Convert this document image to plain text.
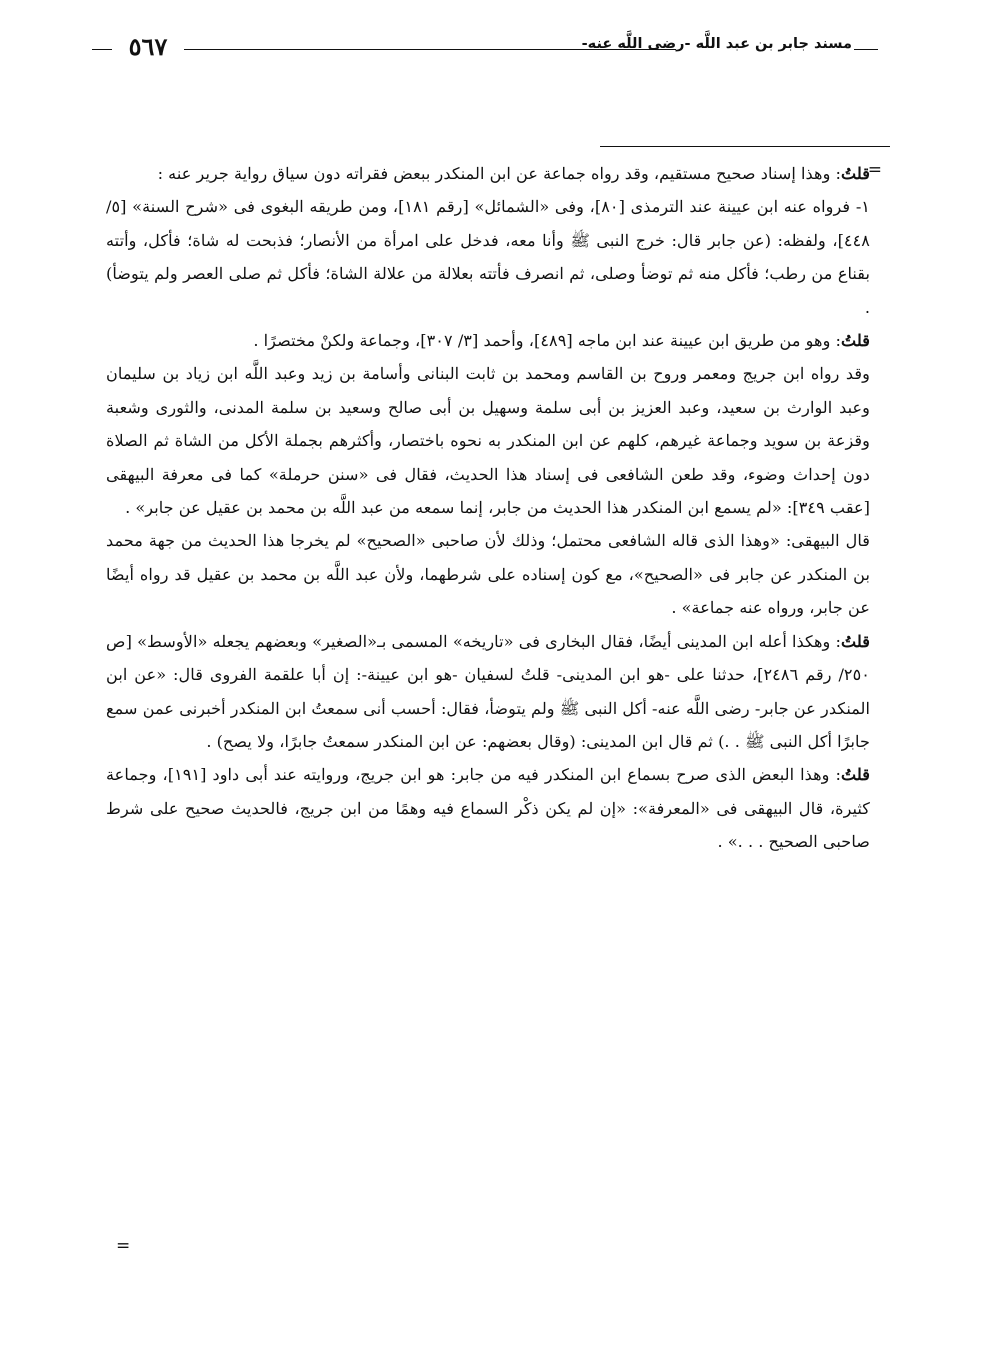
٥٦٧	مسند جابر بن عبد اللَّه -رضى اللَّه عنه-
=

قلتُ: وهذا إسناد صحيح مستقيم، وقد رواه جماعة عن ابن المنكدر ببعض فقراته دون سياق رواية جرير عنه :

١- فرواه عنه ابن عيينة عند الترمذى [٨٠]، وفى «الشمائل» [رقم ١٨١]، ومن طريقه البغوى فى «شرح السنة» [٥/ ٤٤٨]، ولفظه: (عن جابر قال: خرج النبى ﷺ وأنا معه، فدخل على امرأة من الأنصار؛ فذبحت له شاة؛ فأكل، وأتته بقناع من رطب؛ فأكل منه ثم توضأ وصلى، ثم انصرف فأتته بعلالة من علالة الشاة؛ فأكل ثم صلى العصر ولم يتوضأ) .

قلتُ: وهو من طريق ابن عيينة عند ابن ماجه [٤٨٩]، وأحمد [٣/ ٣٠٧]، وجماعة ولكنْ مختصرًا .

وقد رواه ابن جريج ومعمر وروح بن القاسم ومحمد بن ثابت البنانى وأسامة بن زيد وعبد اللَّه ابن زياد بن سليمان وعبد الوارث بن سعيد، وعبد العزيز بن أبى سلمة وسهيل بن أبى صالح وسعيد بن سلمة المدنى، والثورى وشعبة وقزعة بن سويد وجماعة غيرهم، كلهم عن ابن المنكدر به نحوه باختصار، وأكثرهم بجملة الأكل من الشاة ثم الصلاة دون إحداث وضوء، وقد طعن الشافعى فى إسناد هذا الحديث، فقال فى «سنن حرملة» كما فى معرفة البيهقى [عقب ٣٤٩]: «لم يسمع ابن المنكدر هذا الحديث من جابر، إنما سمعه من عبد اللَّه بن محمد بن عقيل عن جابر» .

قال البيهقى: «وهذا الذى قاله الشافعى محتمل؛ وذلك لأن صاحبى «الصحيح» لم يخرجا هذا الحديث من جهة محمد بن المنكدر عن جابر فى «الصحيح»، مع كون إسناده على شرطهما، ولأن عبد اللَّه بن محمد بن عقيل قد رواه أيضًا عن جابر، ورواه عنه جماعة» .

قلتُ: وهكذا أعله ابن المدينى أيضًا، فقال البخارى فى «تاريخه» المسمى بـ«الصغير» وبعضهم يجعله «الأوسط» [ص ٢٥٠/ رقم ٢٤٨٦]، حدثنا على -هو ابن المدينى- قلتُ لسفيان -هو ابن عيينة-: إن أبا علقمة الفروى قال: «عن ابن المنكدر عن جابر- رضى اللَّه عنه- أكل النبى ﷺ ولم يتوضأ، فقال: أحسب أنى سمعتُ ابن المنكدر أخبرنى عمن سمع جابرًا أكل النبى ﷺ . .) ثم قال ابن المدينى: (وقال بعضهم: عن ابن المنكدر سمعتُ جابرًا، ولا يصح) .

قلتُ: وهذا البعض الذى صرح بسماع ابن المنكدر فيه من جابر: هو ابن جريج، وروايته عند أبى داود [١٩١]، وجماعة كثيرة، قال البيهقى فى «المعرفة»: «إن لم يكن ذكْر السماع فيه وهمًا من ابن جريج، فالحديث صحيح على شرط صاحبى الصحيح . . .» .

=
